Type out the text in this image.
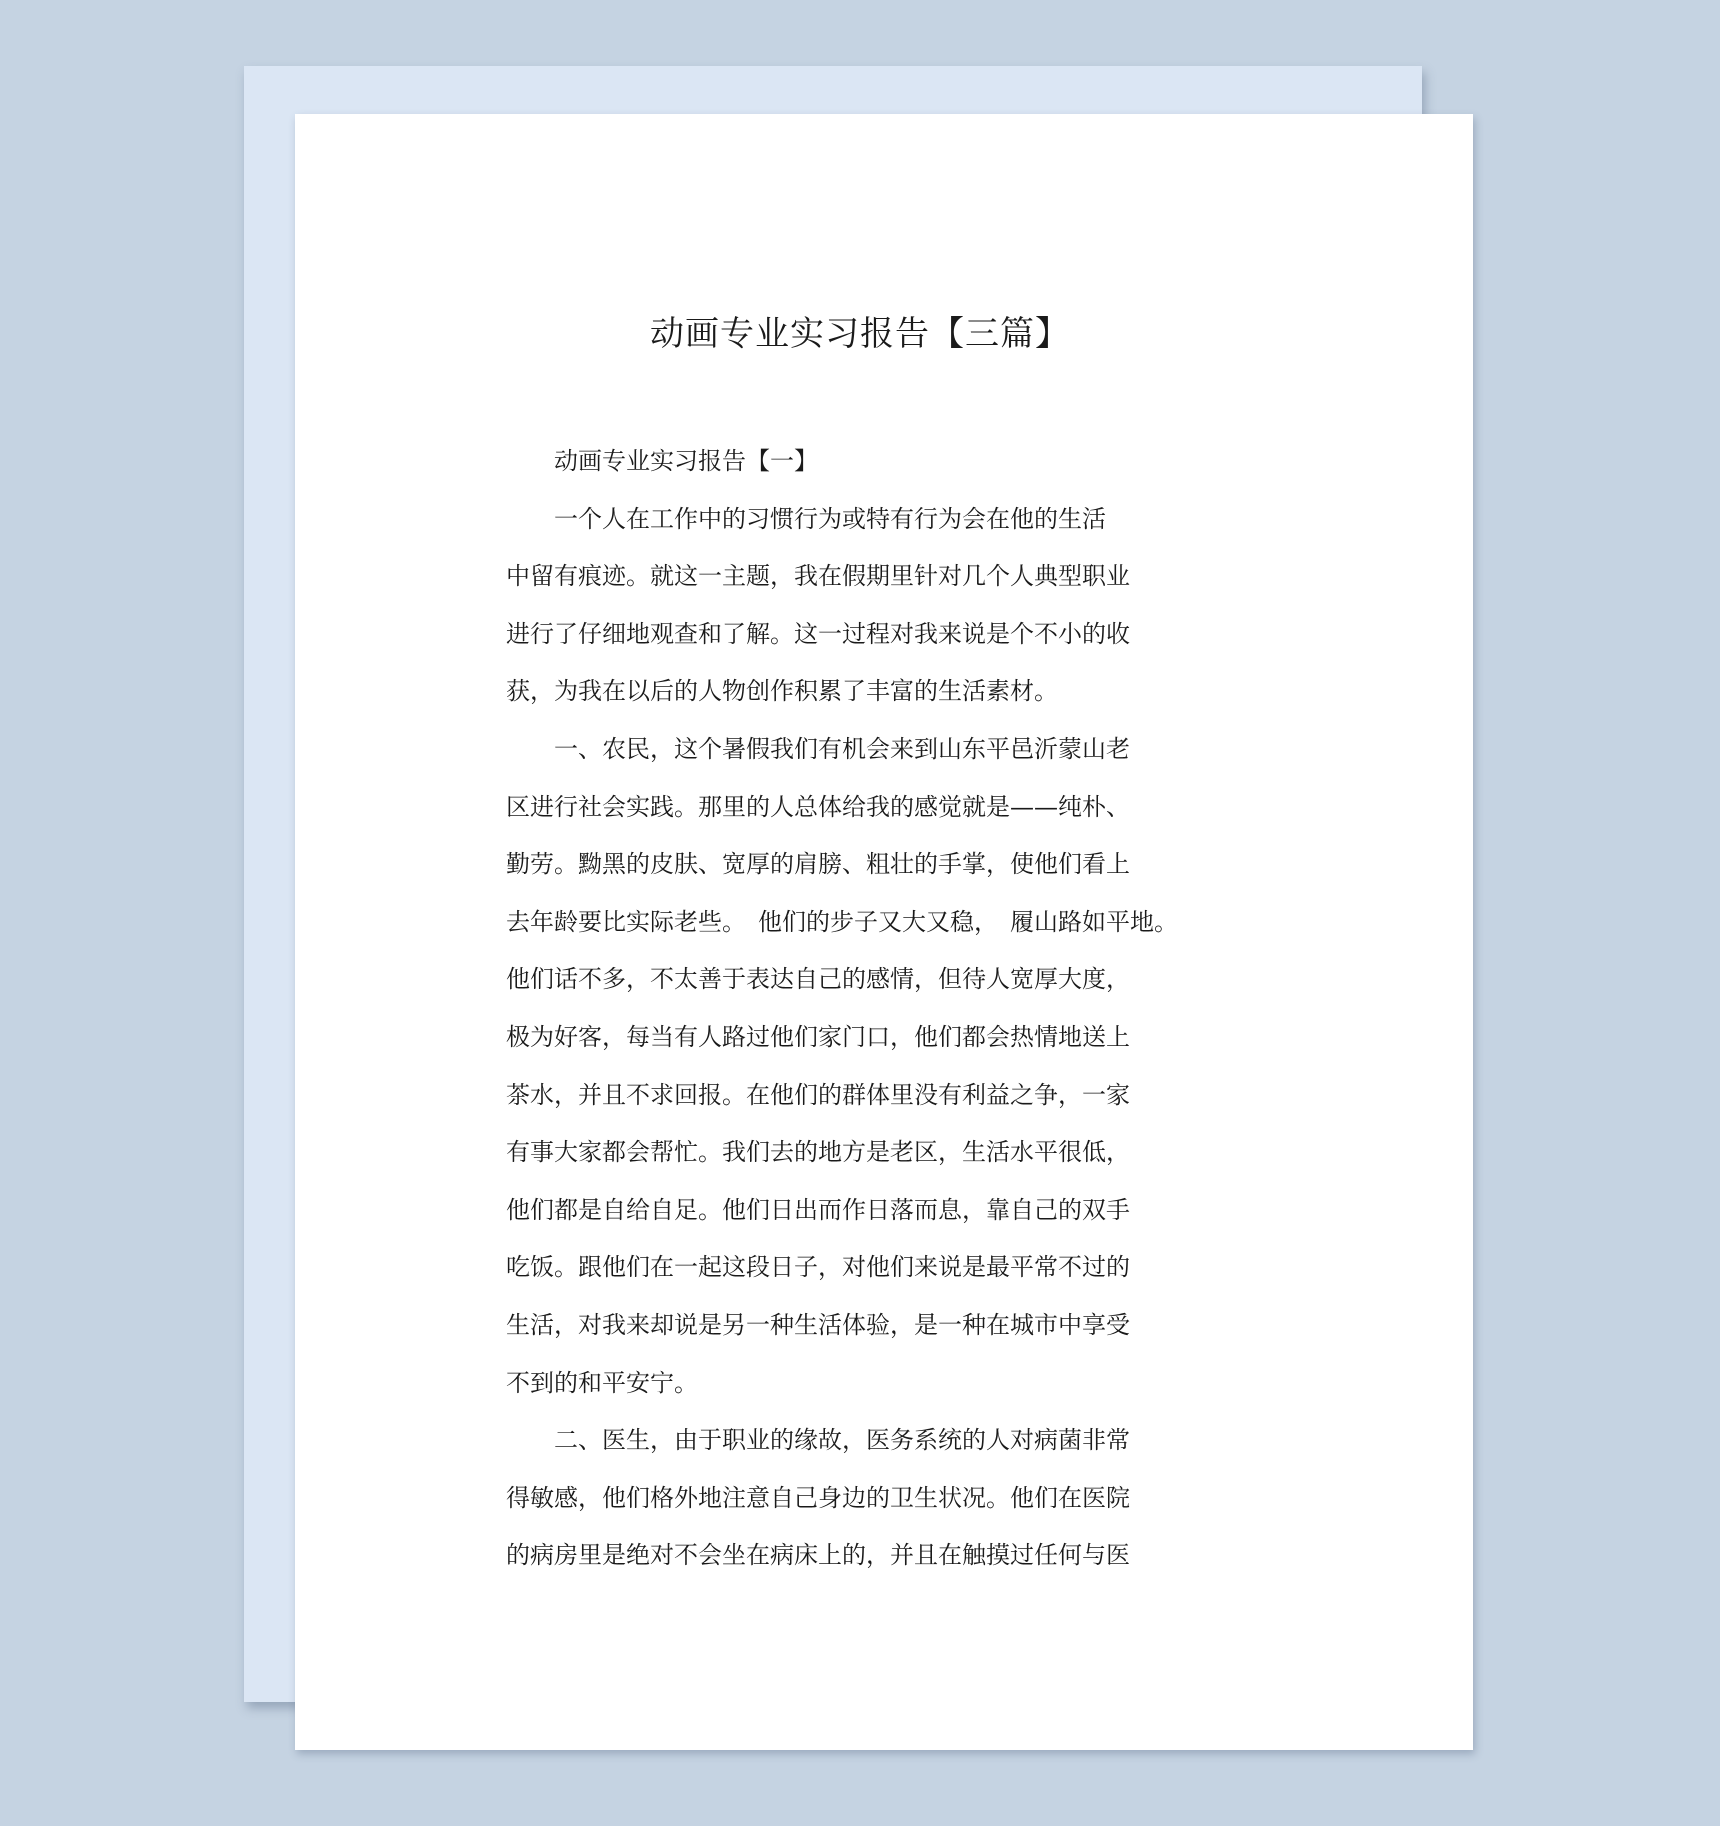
动画专业实习报告【三篇】

　　动画专业实习报告【一】

　　一个人在工作中的习惯行为或特有行为会在他的生活

中留有痕迹。就这一主题，我在假期里针对几个人典型职业

进行了仔细地观查和了解。这一过程对我来说是个不小的收

获，为我在以后的人物创作积累了丰富的生活素材。

　　一、农民，这个暑假我们有机会来到山东平邑沂蒙山老

区进行社会实践。那里的人总体给我的感觉就是——纯朴、

勤劳。黝黑的皮肤、宽厚的肩膀、粗壮的手掌，使他们看上

去年龄要比实际老些。　他们的步子又大又稳，　履山路如平地。

他们话不多，不太善于表达自己的感情，但待人宽厚大度，

极为好客，每当有人路过他们家门口，他们都会热情地送上

茶水，并且不求回报。在他们的群体里没有利益之争，一家

有事大家都会帮忙。我们去的地方是老区，生活水平很低，

他们都是自给自足。他们日出而作日落而息，靠自己的双手

吃饭。跟他们在一起这段日子，对他们来说是最平常不过的

生活，对我来却说是另一种生活体验，是一种在城市中享受

不到的和平安宁。

　　二、医生，由于职业的缘故，医务系统的人对病菌非常

得敏感，他们格外地注意自己身边的卫生状况。他们在医院

的病房里是绝对不会坐在病床上的，并且在触摸过任何与医
